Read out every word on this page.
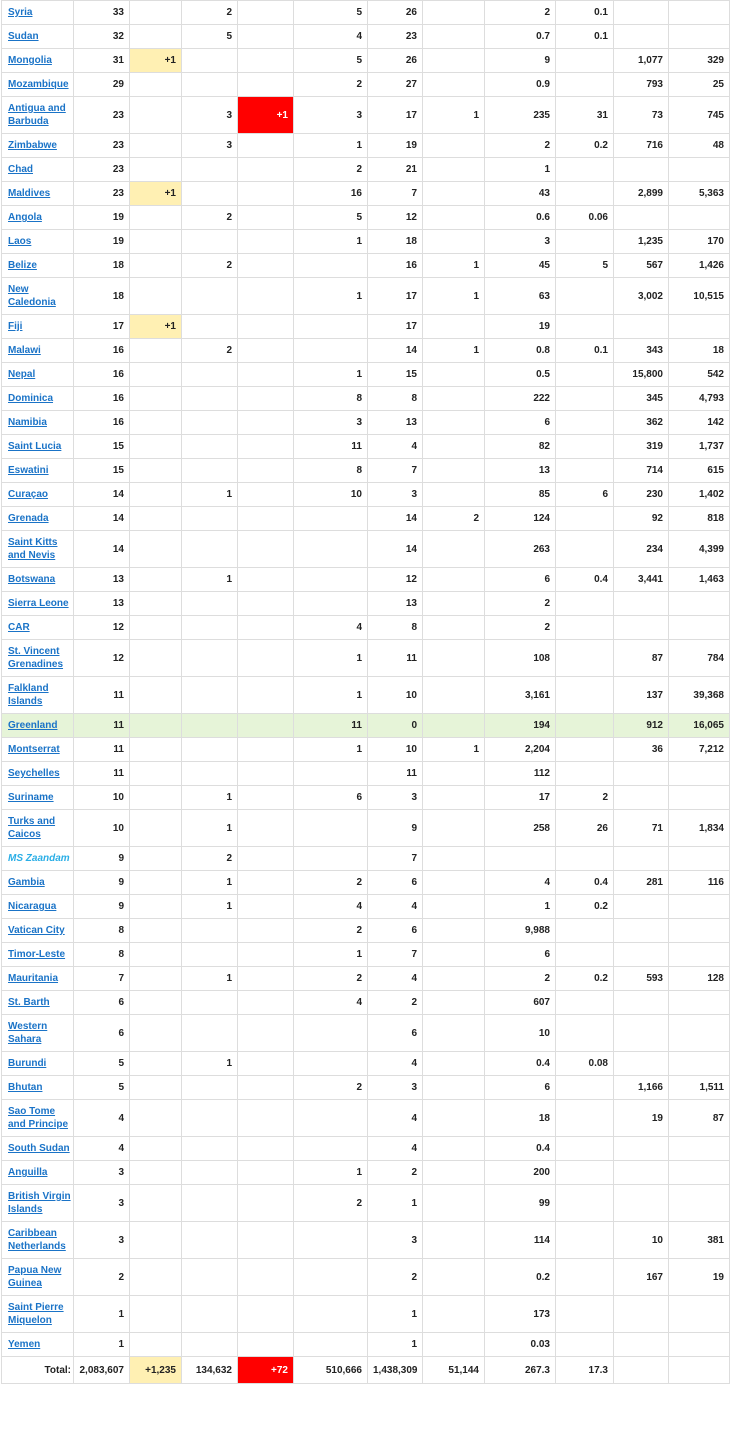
Syria	33		2		5	26		2	0.1		
Sudan	32		5		4	23		0.7	0.1		
Mongolia	31	+1			5	26		9		1,077	329
Mozambique	29				2	27		0.9		793	25
Antigua and Barbuda	23		3	+1	3	17	1	235	31	73	745
Zimbabwe	23		3		1	19		2	0.2	716	48
Chad	23				2	21		1			
Maldives	23	+1			16	7		43		2,899	5,363
Angola	19		2		5	12		0.6	0.06		
Laos	19				1	18		3		1,235	170
Belize	18		2			16	1	45	5	567	1,426
New Caledonia	18				1	17	1	63		3,002	10,515
Fiji	17	+1				17		19			
Malawi	16		2			14	1	0.8	0.1	343	18
Nepal	16				1	15		0.5		15,800	542
Dominica	16				8	8		222		345	4,793
Namibia	16				3	13		6		362	142
Saint Lucia	15				11	4		82		319	1,737
Eswatini	15				8	7		13		714	615
Curaçao	14		1		10	3		85	6	230	1,402
Grenada	14					14	2	124		92	818
Saint Kitts and Nevis	14					14		263		234	4,399
Botswana	13		1			12		6	0.4	3,441	1,463
Sierra Leone	13					13		2			
CAR	12				4	8		2			
St. Vincent Grenadines	12				1	11		108		87	784
Falkland Islands	11				1	10		3,161		137	39,368
Greenland	11				11	0		194		912	16,065
Montserrat	11				1	10	1	2,204		36	7,212
Seychelles	11					11		112			
Suriname	10		1		6	3		17	2		
Turks and Caicos	10		1			9		258	26	71	1,834
MS Zaandam	9		2			7					
Gambia	9		1		2	6		4	0.4	281	116
Nicaragua	9		1		4	4		1	0.2		
Vatican City	8				2	6		9,988			
Timor-Leste	8				1	7		6			
Mauritania	7		1		2	4		2	0.2	593	128
St. Barth	6				4	2		607			
Western Sahara	6					6		10			
Burundi	5		1			4		0.4	0.08		
Bhutan	5				2	3		6		1,166	1,511
Sao Tome and Principe	4					4		18		19	87
South Sudan	4					4		0.4			
Anguilla	3				1	2		200			
British Virgin Islands	3				2	1		99			
Caribbean Netherlands	3					3		114		10	381
Papua New Guinea	2					2		0.2		167	19
Saint Pierre Miquelon	1					1		173			
Yemen	1					1		0.03			
Total:	2,083,607	+1,235	134,632	+72	510,666	1,438,309	51,144	267.3	17.3		
